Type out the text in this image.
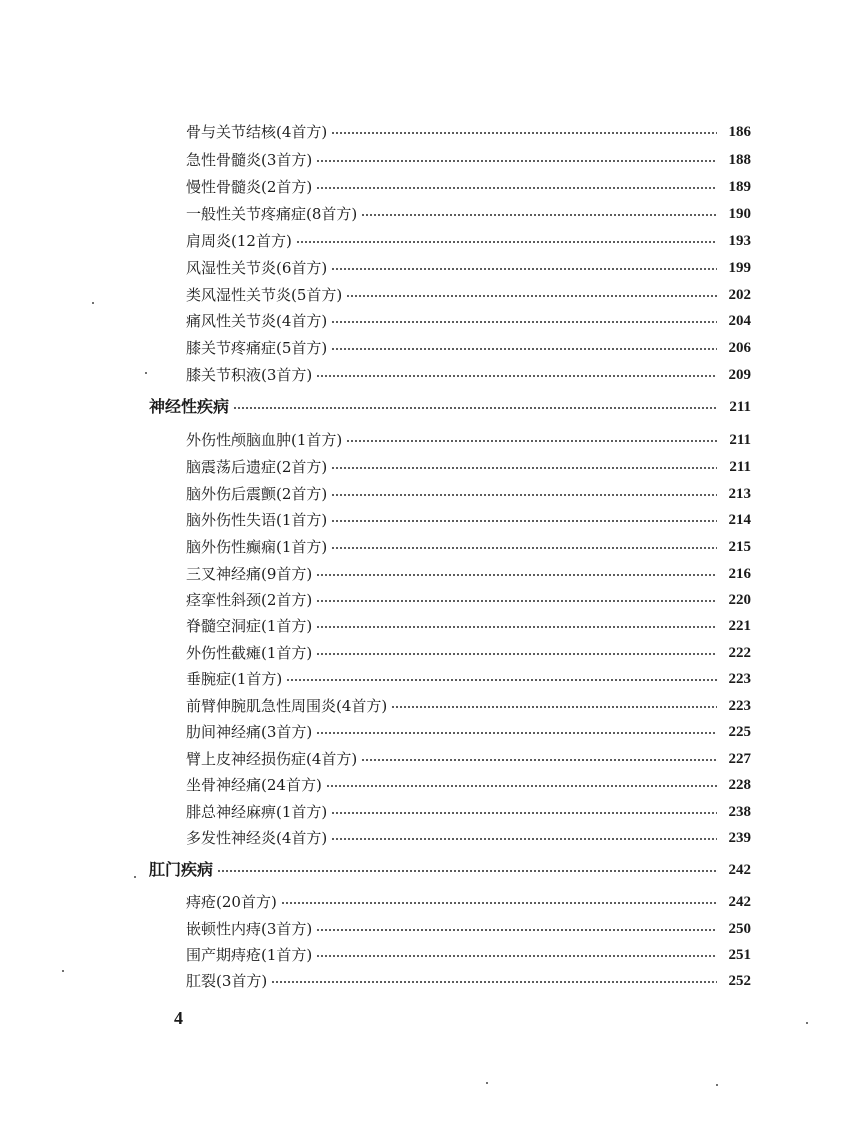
骨与关节结核(4首方)	186
急性骨髓炎(3首方)	188
慢性骨髓炎(2首方)	189
一般性关节疼痛症(8首方)	190
肩周炎(12首方)	193
风湿性关节炎(6首方)	199
类风湿性关节炎(5首方)	202
痛风性关节炎(4首方)	204
膝关节疼痛症(5首方)	206
膝关节积液(3首方)	209
神经性疾病	211
外伤性颅脑血肿(1首方)	211
脑震荡后遗症(2首方)	211
脑外伤后震颤(2首方)	213
脑外伤性失语(1首方)	214
脑外伤性癫痫(1首方)	215
三叉神经痛(9首方)	216
痉挛性斜颈(2首方)	220
脊髓空洞症(1首方)	221
外伤性截瘫(1首方)	222
垂腕症(1首方)	223
前臂伸腕肌急性周围炎(4首方)	223
肋间神经痛(3首方)	225
臂上皮神经损伤症(4首方)	227
坐骨神经痛(24首方)	228
腓总神经麻痹(1首方)	238
多发性神经炎(4首方)	239
肛门疾病	242
痔疮(20首方)	242
嵌顿性内痔(3首方)	250
围产期痔疮(1首方)	251
肛裂(3首方)	252
4
